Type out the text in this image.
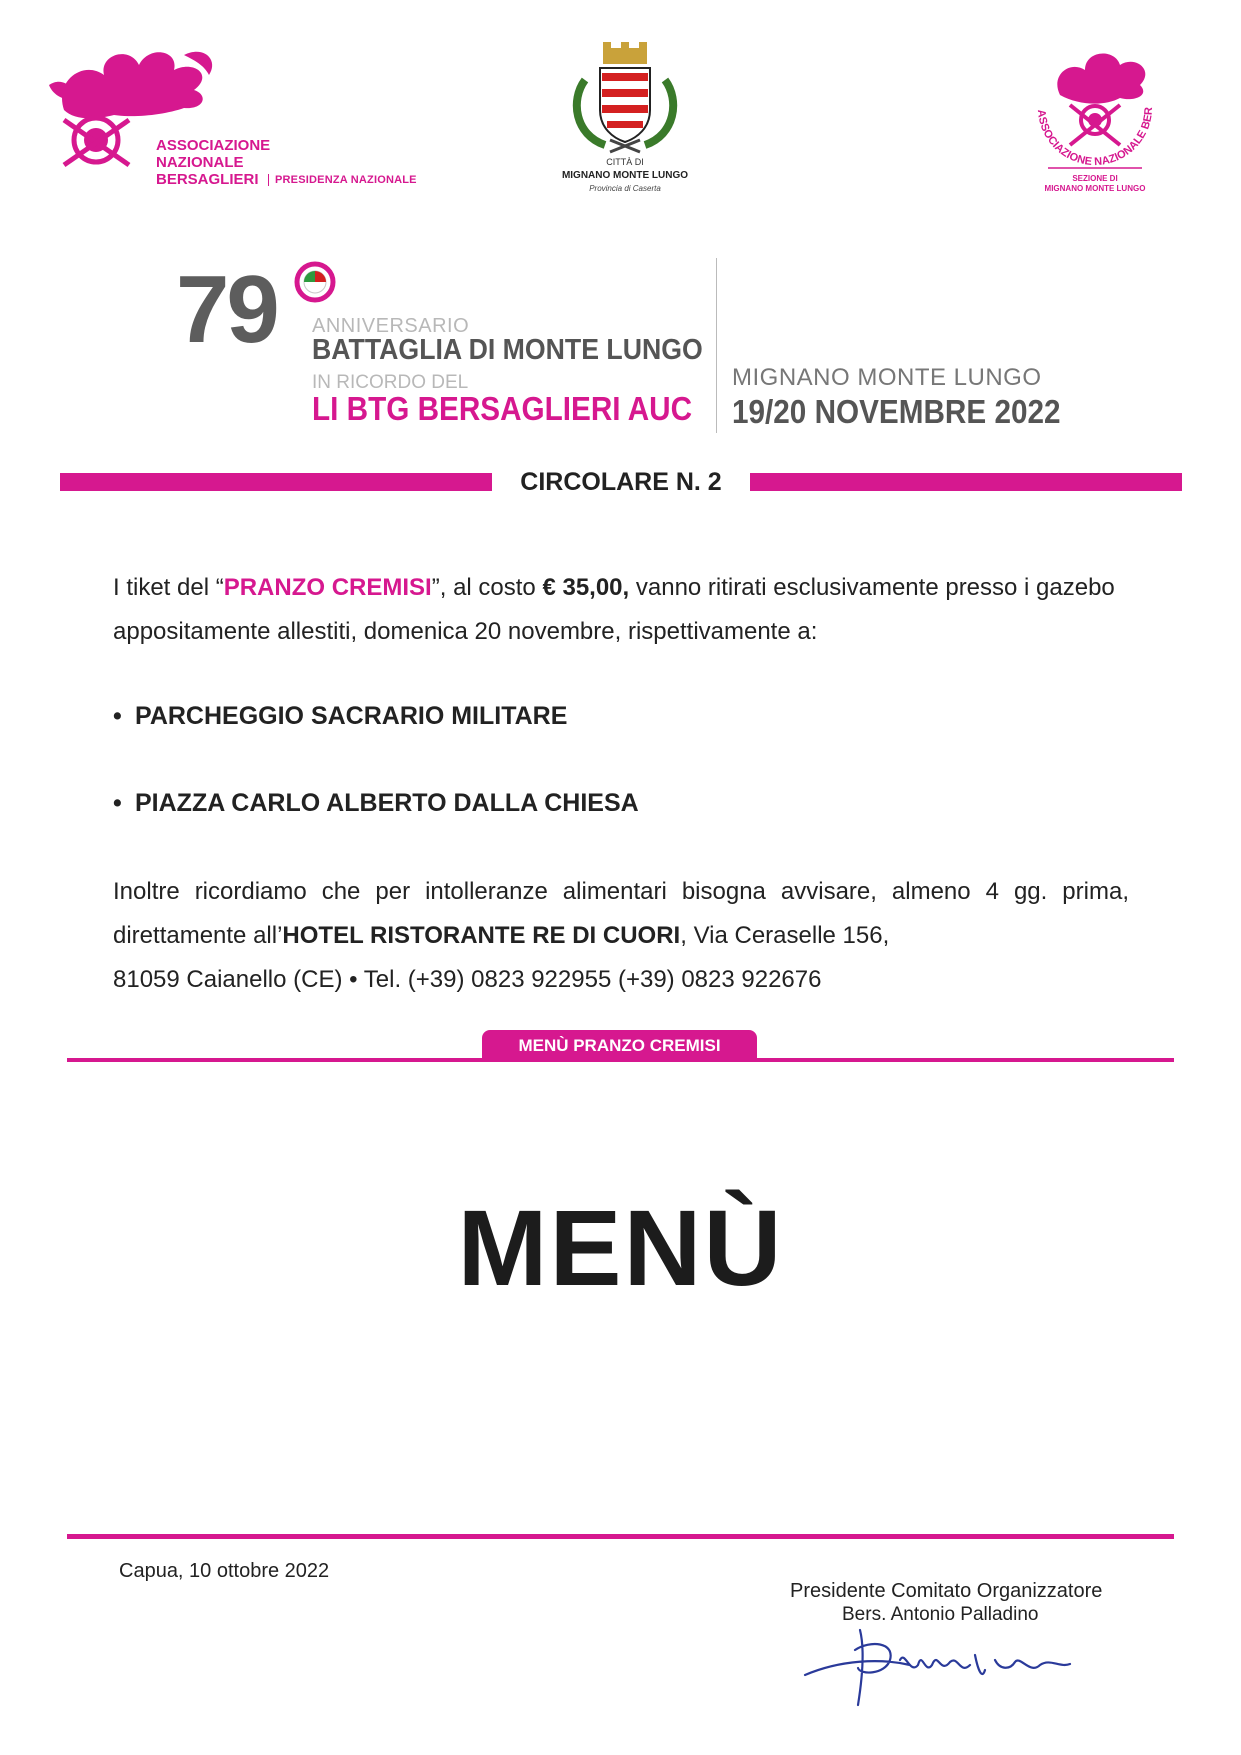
ASSOCIAZIONE
NAZIONALE
BERSAGLIERI	PRESIDENZA NAZIONALE
CITTÀ DI
MIGNANO MONTE LUNGO
Provincia di Caserta
ASSOCIAZIONE NAZIONALE BER
SEZIONE DI
MIGNANO MONTE LUNGO
79 ANNIVERSARIO
BATTAGLIA DI MONTE LUNGO
IN RICORDO DEL
LI BTG BERSAGLIERI AUC
MIGNANO MONTE LUNGO
19/20 NOVEMBRE 2022
CIRCOLARE N. 2
I tiket del “PRANZO CREMISI”, al costo € 35,00, vanno ritirati esclusivamente presso i gazebo appositamente allestiti, domenica 20 novembre, rispettivamente a:
• PARCHEGGIO SACRARIO MILITARE
• PIAZZA CARLO ALBERTO DALLA CHIESA
Inoltre ricordiamo che per intolleranze alimentari bisogna avvisare, almeno 4 gg. prima, direttamente all’HOTEL RISTORANTE RE DI CUORI, Via Ceraselle 156,
81059 Caianello (CE) • Tel. (+39) 0823 922955 (+39) 0823 922676
MENÙ PRANZO CREMISI
MENÙ
Capua, 10 ottobre 2022
Presidente Comitato Organizzatore
Bers. Antonio Palladino
